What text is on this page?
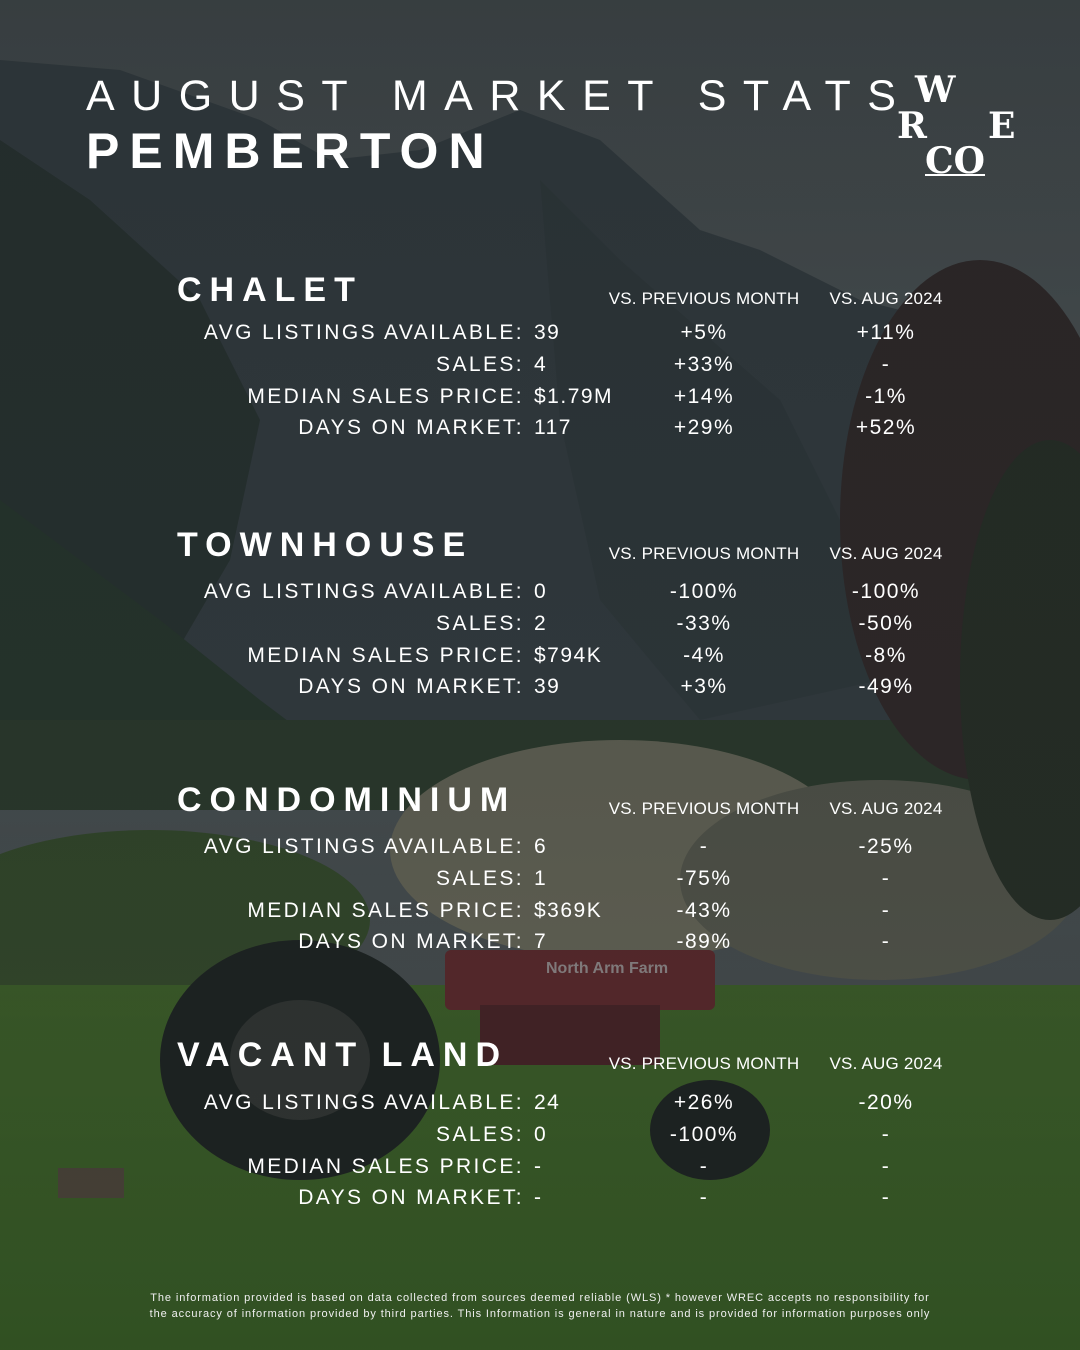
AUGUST MARKET STATS
PEMBERTON
W
R E
CO
CHALET	VS. PREVIOUS MONTH	VS. AUG 2024
AVG LISTINGS AVAILABLE: 39	+5%	+11%
SALES: 4	+33%	-
MEDIAN SALES PRICE: $1.79M	+14%	-1%
DAYS ON MARKET: 117	+29%	+52%
TOWNHOUSE	VS. PREVIOUS MONTH	VS. AUG 2024
AVG LISTINGS AVAILABLE: 0	-100%	-100%
SALES: 2	-33%	-50%
MEDIAN SALES PRICE: $794K	-4%	-8%
DAYS ON MARKET: 39	+3%	-49%
CONDOMINIUM	VS. PREVIOUS MONTH	VS. AUG 2024
AVG LISTINGS AVAILABLE: 6	-	-25%
SALES: 1	-75%	-
MEDIAN SALES PRICE: $369K	-43%	-
DAYS ON MARKET: 7	-89%	-
VACANT LAND	VS. PREVIOUS MONTH	VS. AUG 2024
AVG LISTINGS AVAILABLE: 24	+26%	-20%
SALES: 0	-100%	-
MEDIAN SALES PRICE: -	-	-
DAYS ON MARKET: -	-	-
The information provided is based on data collected from sources deemed reliable (WLS) * however WREC accepts no responsibility for the accuracy of information provided by third parties. This Information is general in nature and is provided for information purposes only
